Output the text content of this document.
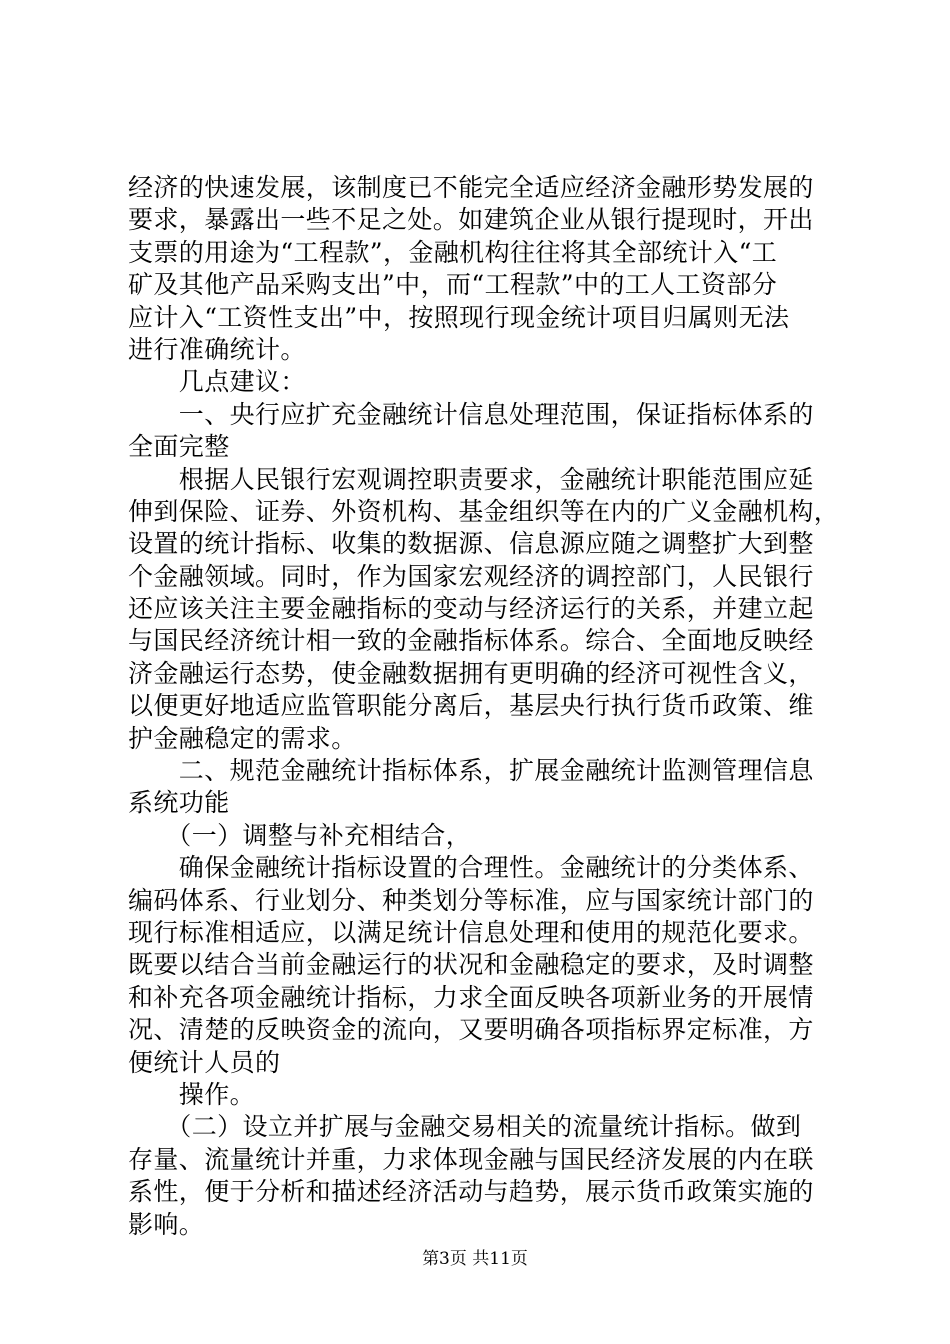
经济的快速发展，该制度已不能完全适应经济金融形势发展的
要求，暴露出一些不足之处。如建筑企业从银行提现时，开出
支票的用途为“工程款”，金融机构往往将其全部统计入“工
矿及其他产品采购支出”中，而“工程款”中的工人工资部分
应计入“工资性支出”中，按照现行现金统计项目归属则无法
进行准确统计。
　　几点建议：
　　一、央行应扩充金融统计信息处理范围，保证指标体系的
全面完整
　　根据人民银行宏观调控职责要求，金融统计职能范围应延
伸到保险、证券、外资机构、基金组织等在内的广义金融机构，
设置的统计指标、收集的数据源、信息源应随之调整扩大到整
个金融领域。同时，作为国家宏观经济的调控部门，人民银行
还应该关注主要金融指标的变动与经济运行的关系，并建立起
与国民经济统计相一致的金融指标体系。综合、全面地反映经
济金融运行态势，使金融数据拥有更明确的经济可视性含义，
以便更好地适应监管职能分离后，基层央行执行货币政策、维
护金融稳定的需求。
　　二、规范金融统计指标体系，扩展金融统计监测管理信息
系统功能
　　（一）调整与补充相结合，
　　确保金融统计指标设置的合理性。金融统计的分类体系、
编码体系、行业划分、种类划分等标准，应与国家统计部门的
现行标准相适应，以满足统计信息处理和使用的规范化要求。
既要以结合当前金融运行的状况和金融稳定的要求，及时调整
和补充各项金融统计指标，力求全面反映各项新业务的开展情
况、清楚的反映资金的流向，又要明确各项指标界定标准，方
便统计人员的
　　操作。
　　（二）设立并扩展与金融交易相关的流量统计指标。做到
存量、流量统计并重，力求体现金融与国民经济发展的内在联
系性，便于分析和描述经济活动与趋势，展示货币政策实施的
影响。
第3页 共11页
